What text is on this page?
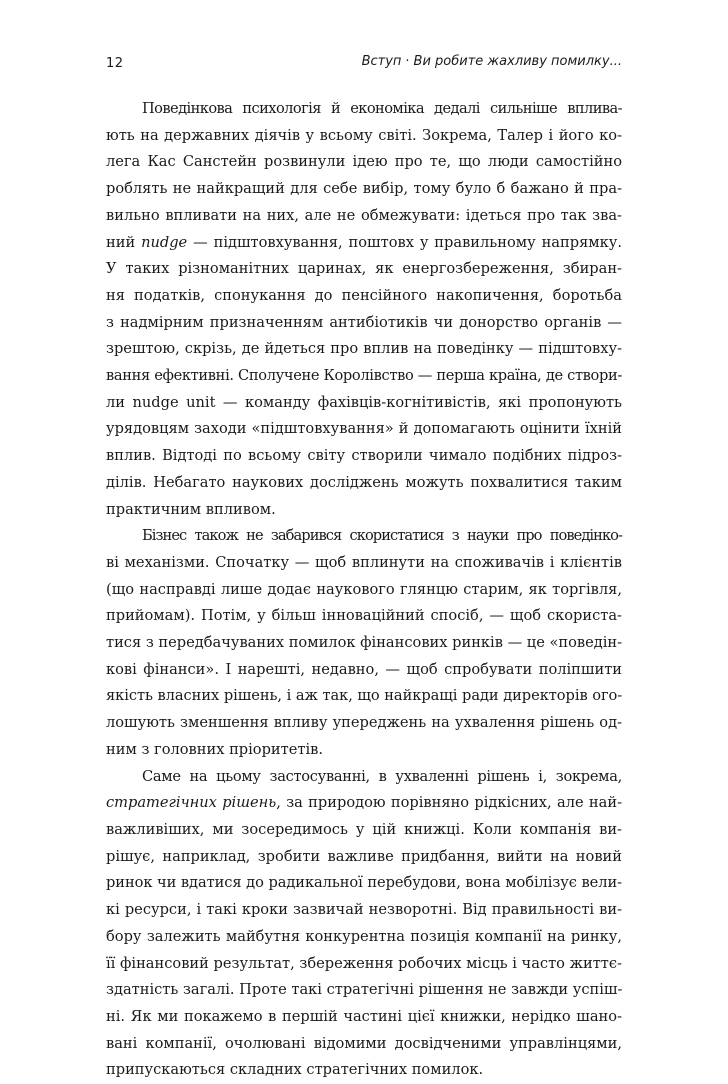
12	Вступ · Ви робите жахливу помилку...

Поведінкова психологія й економіка дедалі сильніше вплива-
ють на державних діячів у всьому світі. Зокрема, Талер і його ко-
лега Кас Санстейн розвинули ідею про те, що люди самостійно
роблять не найкращий для себе вибір, тому було б бажано й пра-
вильно впливати на них, але не обмежувати: ідеться про так зва-
ний nudge — підштовхування, поштовх у правильному напрямку.
У таких різноманітних царинах, як енергозбереження, збиран-
ня податків, спонукання до пенсійного накопичення, боротьба
з надмірним призначенням антибіотиків чи донорство органів —
зрештою, скрізь, де йдеться про вплив на поведінку — підштовху-
вання ефективні. Сполучене Королівство — перша країна, де створи-
ли nudge unit — команду фахівців-когнітивістів, які пропонують
урядовцям заходи «підштовхування» й допомагають оцінити їхній
вплив. Відтоді по всьому світу створили чимало подібних підроз-
ділів. Небагато наукових досліджень можуть похвалитися таким
практичним впливом.

Бізнес також не забарився скористатися з науки про поведінко-
ві механізми. Спочатку — щоб вплинути на споживачів і клієнтів
(що насправді лише додає наукового глянцю старим, як торгівля,
прийомам). Потім, у більш інноваційний спосіб, — щоб скориста-
тися з передбачуваних помилок фінансових ринків — це «поведін-
кові фінанси». І нарешті, недавно, — щоб спробувати поліпшити
якість власних рішень, і аж так, що найкращі ради директорів ого-
лошують зменшення впливу упереджень на ухвалення рішень од-
ним з головних пріоритетів.

Саме на цьому застосуванні, в ухваленні рішень і, зокрема,
стратегічних рішень, за природою порівняно рідкісних, але най-
важливіших, ми зосередимось у цій книжці. Коли компанія ви-
рішує, наприклад, зробити важливе придбання, вийти на новий
ринок чи вдатися до радикальної перебудови, вона мобілізує вели-
кі ресурси, і такі кроки зазвичай незворотні. Від правильності ви-
бору залежить майбутня конкурентна позиція компанії на ринку,
її фінансовий результат, збереження робочих місць і часто життє-
здатність загалі. Проте такі стратегічні рішення не завжди успіш-
ні. Як ми покажемо в першій частині цієї книжки, нерідко шано-
вані компанії, очолювані відомими досвідченими управлінцями,
припускаються складних стратегічних помилок.
